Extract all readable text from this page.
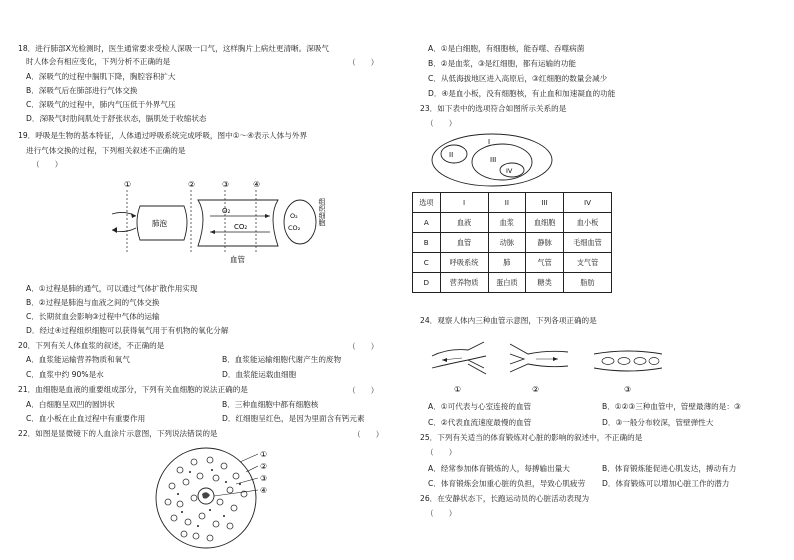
18．进行肺部X光检测时，医生通常要求受检人深吸一口气，这样胸片上病灶更清晰。深吸气
时人体会有相应变化，下列分析不正确的是	（　　）
A．深吸气的过程中膈肌下降，胸腔容积扩大
B．深吸气后在肺部进行气体交换
C．深吸气的过程中，肺内气压低于外界气压
D．深吸气时肋间肌处于舒张状态，膈肌处于收缩状态
19．呼吸是生物的基本特征，人体通过呼吸系统完成呼吸，图中①～④表示人体与外界
进行气体交换的过程，下列相关叙述不正确的是
（　　）
①	②	③	④
肺泡
O₂
CO₂
血管
O₂
CO₂
组织细胞
A．①过程是肺的通气，可以通过气体扩散作用实现
B．②过程是肺泡与血液之间的气体交换
C．长期贫血会影响③过程中气体的运输
D．经过④过程组织细胞可以获得氧气用于有机物的氧化分解
20．下列有关人体血浆的叙述，不正确的是	（　　）
A．血浆能运输营养物质和氧气	B．血浆能运输细胞代谢产生的废物
C．血浆中约 90%是水	D．血浆能运载血细胞
21．血细胞是血液的重要组成部分，下列有关血细胞的说法正确的是	（　　）
A．白细胞呈双凹的圆饼状	B．三种血细胞中都有细胞核
C．血小板在止血过程中有重要作用	D．红细胞呈红色，是因为里面含有钙元素
22．如图是显微镜下的人血涂片示意图，下列说法错误的是	（　　）
①
②
③
④
A．①是白细胞，有细胞核，能吞噬、吞噬病菌
B．②是血浆，③是红细胞，都有运输的功能
C．从低海拔地区进入高原后，③红细胞的数量会减少
D．④是血小板，没有细胞核，有止血和加速凝血的功能
23．如下表中的选项符合如图所示关系的是
（　　）
I
II
III
IV
选项	I	II	III	IV
A	血液	血浆	血细胞	血小板
B	血管	动脉	静脉	毛细血管
C	呼吸系统	肺	气管	支气管
D	营养物质	蛋白质	糖类	脂肪
24．观察人体内三种血管示意图，下列各项正确的是
①	②	③
A．①可代表与心室连接的血管	B．①②③三种血管中，管壁最薄的是：③
C．②代表血流速度最慢的血管	D．③一般分布较深，管壁弹性大
25．下列有关适当的体育锻炼对心脏的影响的叙述中，不正确的是
（　　）
A．经常参加体育锻炼的人，每搏输出量大	B．体育锻炼能促进心肌发达，搏动有力
C．体育锻炼会加重心脏的负担，导致心肌疲劳 D．体育锻炼可以增加心脏工作的潜力
26．在安静状态下，长跑运动员的心脏活动表现为
（　　）
